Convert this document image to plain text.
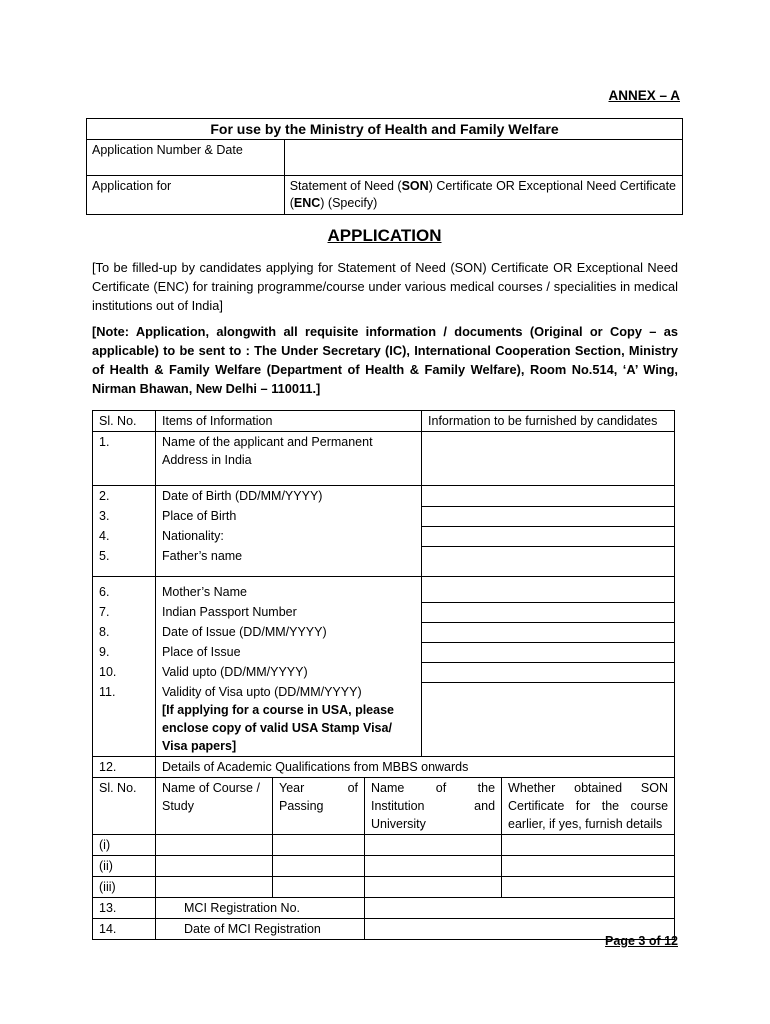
ANNEX – A
For use by the Ministry of Health and Family Welfare	
Application Number & Date	
Application for	Statement of Need (SON) Certificate OR Exceptional Need Certificate (ENC) (Specify)
APPLICATION
[To be filled-up by candidates applying for Statement of Need (SON) Certificate OR Exceptional Need Certificate (ENC) for training programme/course under various medical courses / specialities in medical institutions out of India]
[Note: Application, alongwith all requisite information / documents (Original or Copy – as applicable) to be sent to : The Under Secretary (IC), International Cooperation Section, Ministry of Health & Family Welfare (Department of Health & Family Welfare), Room No.514, ‘A’ Wing, Nirman Bhawan, New Delhi – 110011.]
Sl. No.	Items of Information			Information to be furnished by candidates	
1.	Name of the applicant and Permanent Address in India				
2.	Date of Birth (DD/MM/YYYY)				
3.	Place of Birth				
4.	Nationality:				
5.	Father’s name				
6.	Mother’s Name				
7.	Indian Passport Number				
8.	Date of Issue (DD/MM/YYYY)				
9.	Place of Issue				
10.	Valid upto (DD/MM/YYYY)				
11.	Validity of Visa upto (DD/MM/YYYY)
[If applying for a course in USA, please enclose copy of valid USA Stamp Visa/ Visa papers]				

12.	Details of Academic Qualifications from MBBS onwards				
Sl. No.	Name of Course / Study	Year of Passing	Name of the Institution and University		Whether obtained SON Certificate for the course earlier, if yes, furnish details
(i)					
(ii)					
(iii)					
13.	MCI Registration No.				
14.	Date of MCI Registration				
Page 3 of 12
